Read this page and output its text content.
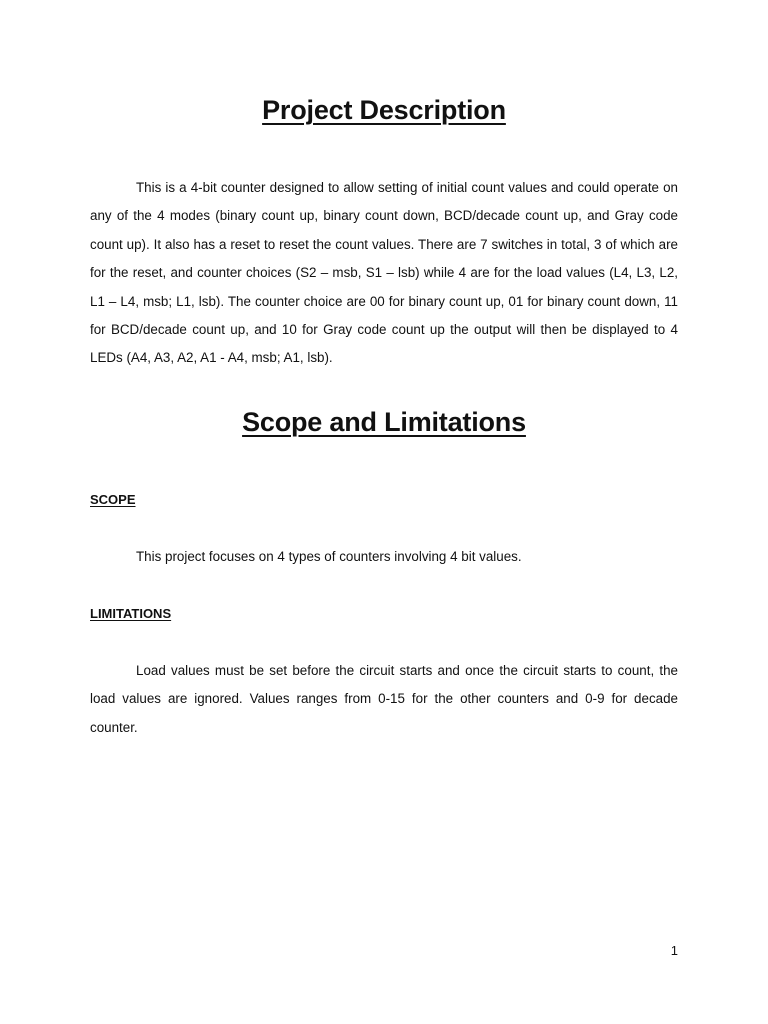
Project Description

This is a 4-bit counter designed to allow setting of initial count values and could operate on any of the 4 modes (binary count up, binary count down, BCD/decade count up, and Gray code count up). It also has a reset to reset the count values. There are 7 switches in total, 3 of which are for the reset, and counter choices (S2 – msb, S1 – lsb) while 4 are for the load values (L4, L3, L2, L1 – L4, msb; L1, lsb). The counter choice are 00 for binary count up, 01 for binary count down, 11 for BCD/decade count up, and 10 for Gray code count up the output will then be displayed to 4 LEDs (A4, A3, A2, A1 - A4, msb; A1, lsb).

Scope and Limitations
SCOPE

This project focuses on 4 types of counters involving 4 bit values.

LIMITATIONS

Load values must be set before the circuit starts and once the circuit starts to count, the load values are ignored. Values ranges from 0-15 for the other counters and 0-9 for decade counter.

1
